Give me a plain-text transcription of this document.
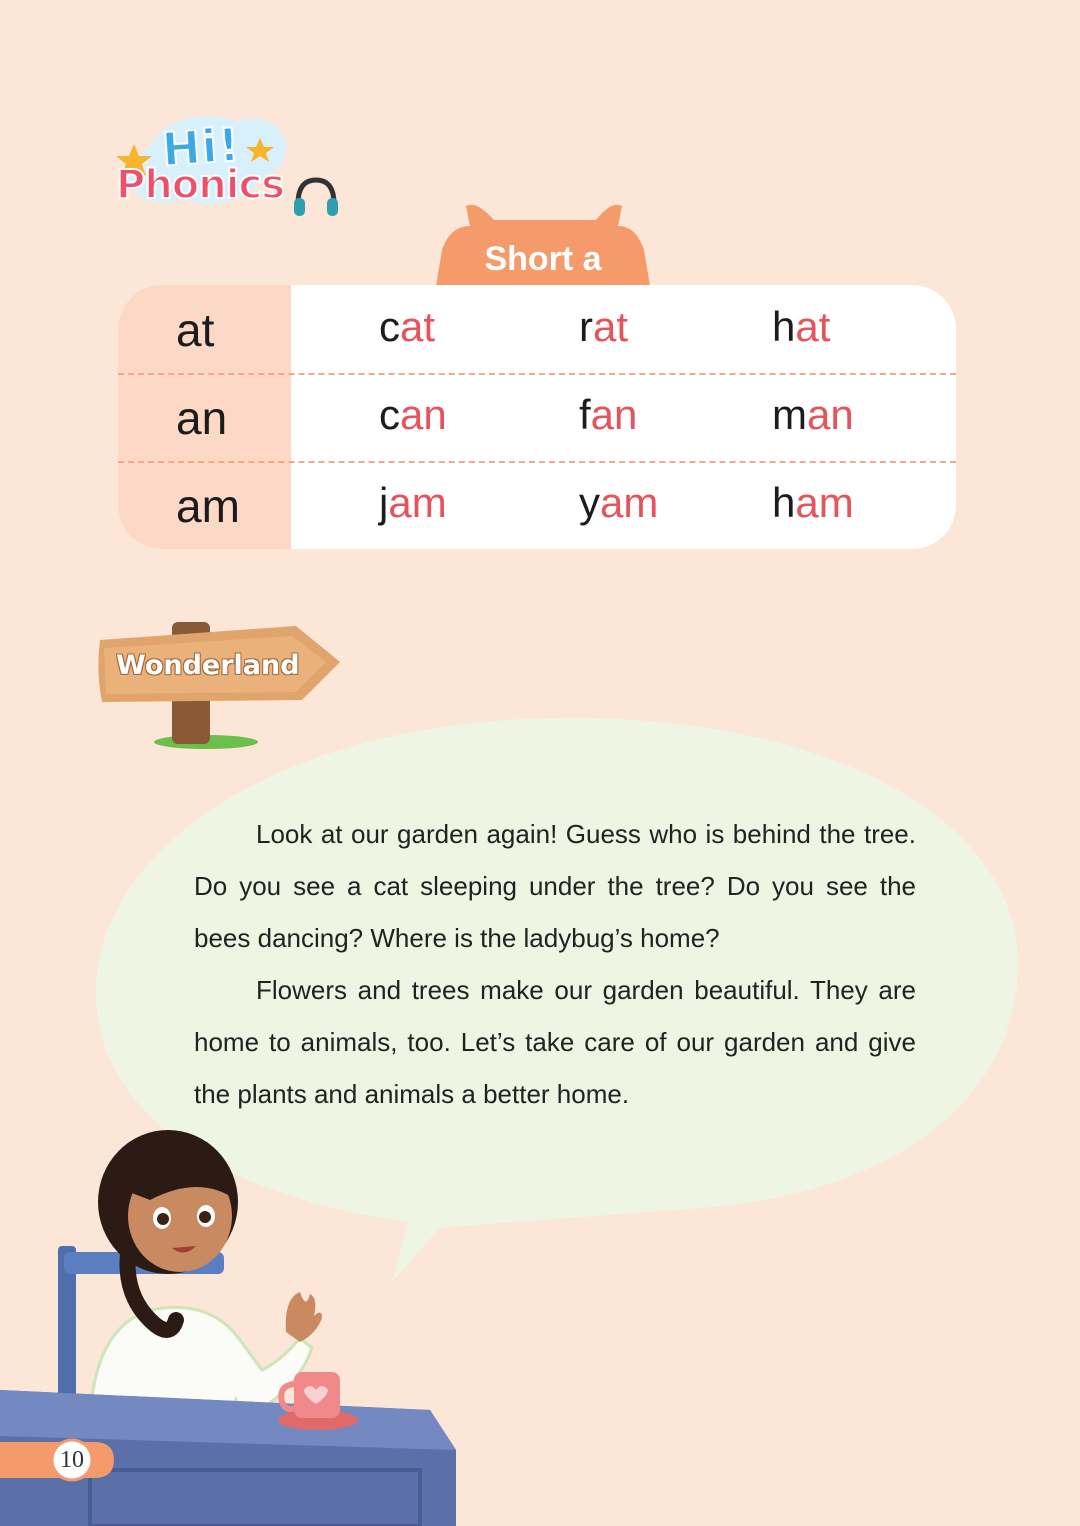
Hi!
Phonics
Short a
at	cat	rat	hat
an	can	fan	man
am	jam	yam	ham
Wonderland

Look at our garden again! Guess who is behind the tree. Do you see a cat sleeping under the tree? Do you see the bees dancing? Where is the ladybug’s home?

Flowers and trees make our garden beautiful. They are home to animals, too. Let’s take care of our garden and give the plants and animals a better home.

10
